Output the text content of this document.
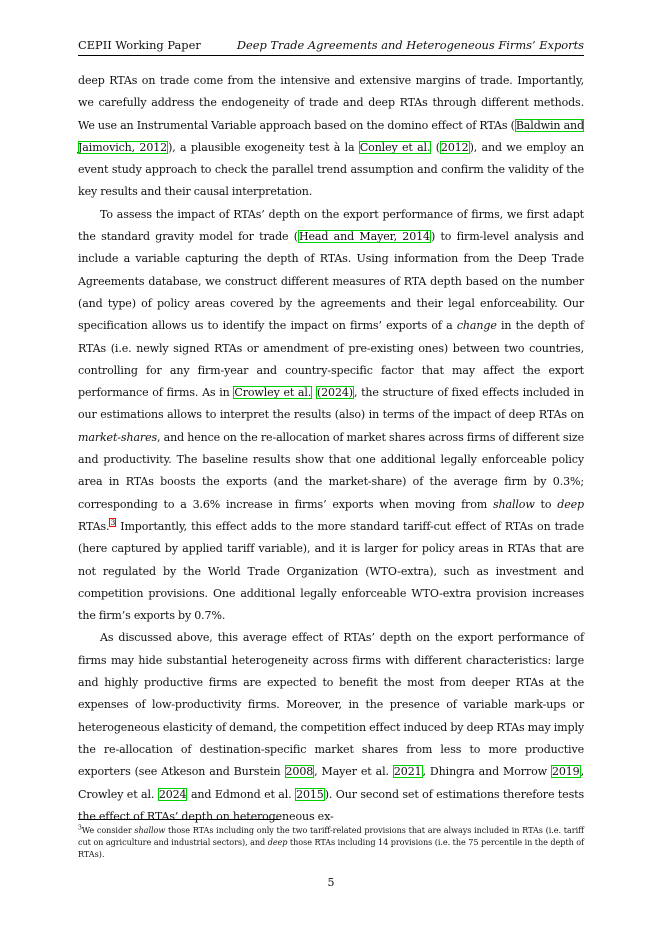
CEPII Working Paper	Deep Trade Agreements and Heterogeneous Firms’ Exports

deep RTAs on trade come from the intensive and extensive margins of trade. Importantly, we carefully address the endogeneity of trade and deep RTAs through different methods. We use an Instrumental Variable approach based on the domino effect of RTAs (Baldwin and Jaimovich, 2012), a plausible exogeneity test à la Conley et al. (2012), and we employ an event study approach to check the parallel trend assumption and confirm the validity of the key results and their causal interpretation.

To assess the impact of RTAs’ depth on the export performance of firms, we first adapt the standard gravity model for trade (Head and Mayer, 2014) to firm-level analysis and include a variable capturing the depth of RTAs. Using information from the Deep Trade Agreements database, we construct different measures of RTA depth based on the number (and type) of policy areas covered by the agreements and their legal enforceability. Our specification allows us to identify the impact on firms’ exports of a change in the depth of RTAs (i.e. newly signed RTAs or amendment of pre-existing ones) between two countries, controlling for any firm-year and country-specific factor that may affect the export performance of firms. As in Crowley et al. (2024), the structure of fixed effects included in our estimations allows to interpret the results (also) in terms of the impact of deep RTAs on market-shares, and hence on the re-allocation of market shares across firms of different size and productivity. The baseline results show that one additional legally enforceable policy area in RTAs boosts the exports (and the market-share) of the average firm by 0.3%; corresponding to a 3.6% increase in firms’ exports when moving from shallow to deep RTAs.$^3$ Importantly, this effect adds to the more standard tariff-cut effect of RTAs on trade (here captured by applied tariff variable), and it is larger for policy areas in RTAs that are not regulated by the World Trade Organization (WTO-extra), such as investment and competition provisions. One additional legally enforceable WTO-extra provision increases the firm’s exports by 0.7%.

As discussed above, this average effect of RTAs’ depth on the export performance of firms may hide substantial heterogeneity across firms with different characteristics: large and highly productive firms are expected to benefit the most from deeper RTAs at the expenses of low-productivity firms. Moreover, in the presence of variable mark-ups or heterogeneous elasticity of demand, the competition effect induced by deep RTAs may imply the re-allocation of destination-specific market shares from less to more productive exporters (see Atkeson and Burstein 2008, Mayer et al. 2021, Dhingra and Morrow 2019, Crowley et al. 2024 and Edmond et al. 2015). Our second set of estimations therefore tests the effect of RTAs’ depth on heterogeneous ex-

$^3$We consider shallow those RTAs including only the two tariff-related provisions that are always included in RTAs (i.e. tariff cut on agriculture and industrial sectors), and deep those RTAs including 14 provisions (i.e. the 75 percentile in the depth of RTAs).
5
